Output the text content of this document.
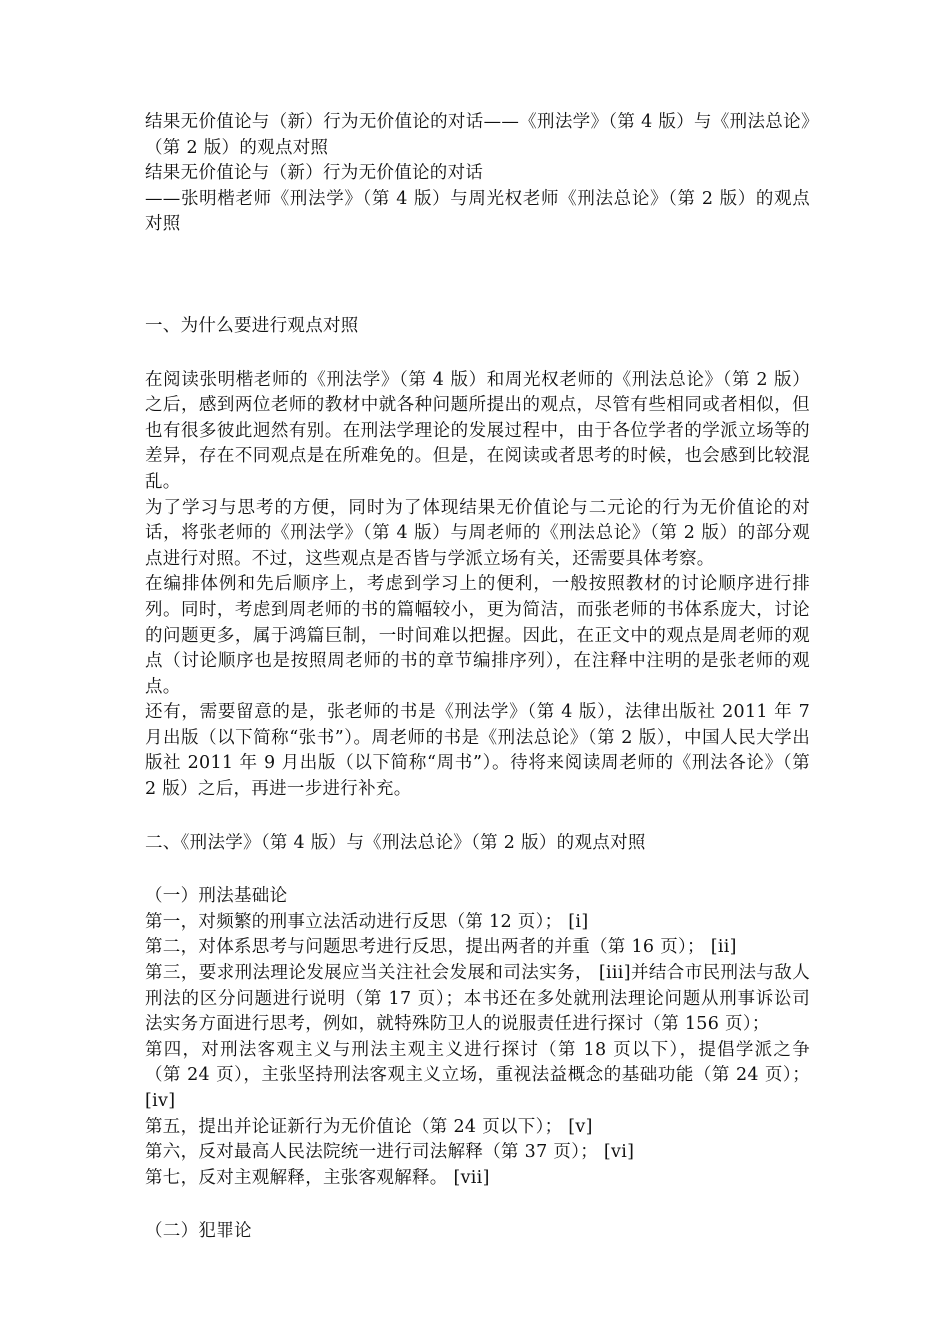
结果无价值论与（新）行为无价值论的对话——《刑法学》（第 4 版）与《刑法总论》（第 2 版）的观点对照

结果无价值论与（新）行为无价值论的对话

——张明楷老师《刑法学》（第 4 版）与周光权老师《刑法总论》（第 2 版）的观点对照

一、为什么要进行观点对照

在阅读张明楷老师的《刑法学》（第 4 版）和周光权老师的《刑法总论》（第 2 版）之后，感到两位老师的教材中就各种问题所提出的观点，尽管有些相同或者相似，但也有很多彼此迥然有别。在刑法学理论的发展过程中，由于各位学者的学派立场等的差异，存在不同观点是在所难免的。但是，在阅读或者思考的时候，也会感到比较混乱。

为了学习与思考的方便，同时为了体现结果无价值论与二元论的行为无价值论的对话，将张老师的《刑法学》（第 4 版）与周老师的《刑法总论》（第 2 版）的部分观点进行对照。不过，这些观点是否皆与学派立场有关，还需要具体考察。

在编排体例和先后顺序上，考虑到学习上的便利，一般按照教材的讨论顺序进行排列。同时，考虑到周老师的书的篇幅较小，更为简洁，而张老师的书体系庞大，讨论的问题更多，属于鸿篇巨制，一时间难以把握。因此，在正文中的观点是周老师的观点（讨论顺序也是按照周老师的书的章节编排序列），在注释中注明的是张老师的观点。

还有，需要留意的是，张老师的书是《刑法学》（第 4 版），法律出版社 2011 年 7 月出版（以下简称“张书”）。周老师的书是《刑法总论》（第 2 版），中国人民大学出版社 2011 年 9 月出版（以下简称“周书”）。待将来阅读周老师的《刑法各论》（第 2 版）之后，再进一步进行补充。

二、《刑法学》（第 4 版）与《刑法总论》（第 2 版）的观点对照

（一）刑法基础论

第一，对频繁的刑事立法活动进行反思（第 12 页）； [i]

第二，对体系思考与问题思考进行反思，提出两者的并重（第 16 页）； [ii]

第三，要求刑法理论发展应当关注社会发展和司法实务， [iii]并结合市民刑法与敌人刑法的区分问题进行说明（第 17 页）；本书还在多处就刑法理论问题从刑事诉讼司法实务方面进行思考，例如，就特殊防卫人的说服责任进行探讨（第 156 页）；

第四，对刑法客观主义与刑法主观主义进行探讨（第 18 页以下），提倡学派之争（第 24 页），主张坚持刑法客观主义立场，重视法益概念的基础功能（第 24 页）；[iv]

第五，提出并论证新行为无价值论（第 24 页以下）； [v]

第六，反对最高人民法院统一进行司法解释（第 37 页）； [vi]

第七，反对主观解释，主张客观解释。 [vii]

（二）犯罪论
